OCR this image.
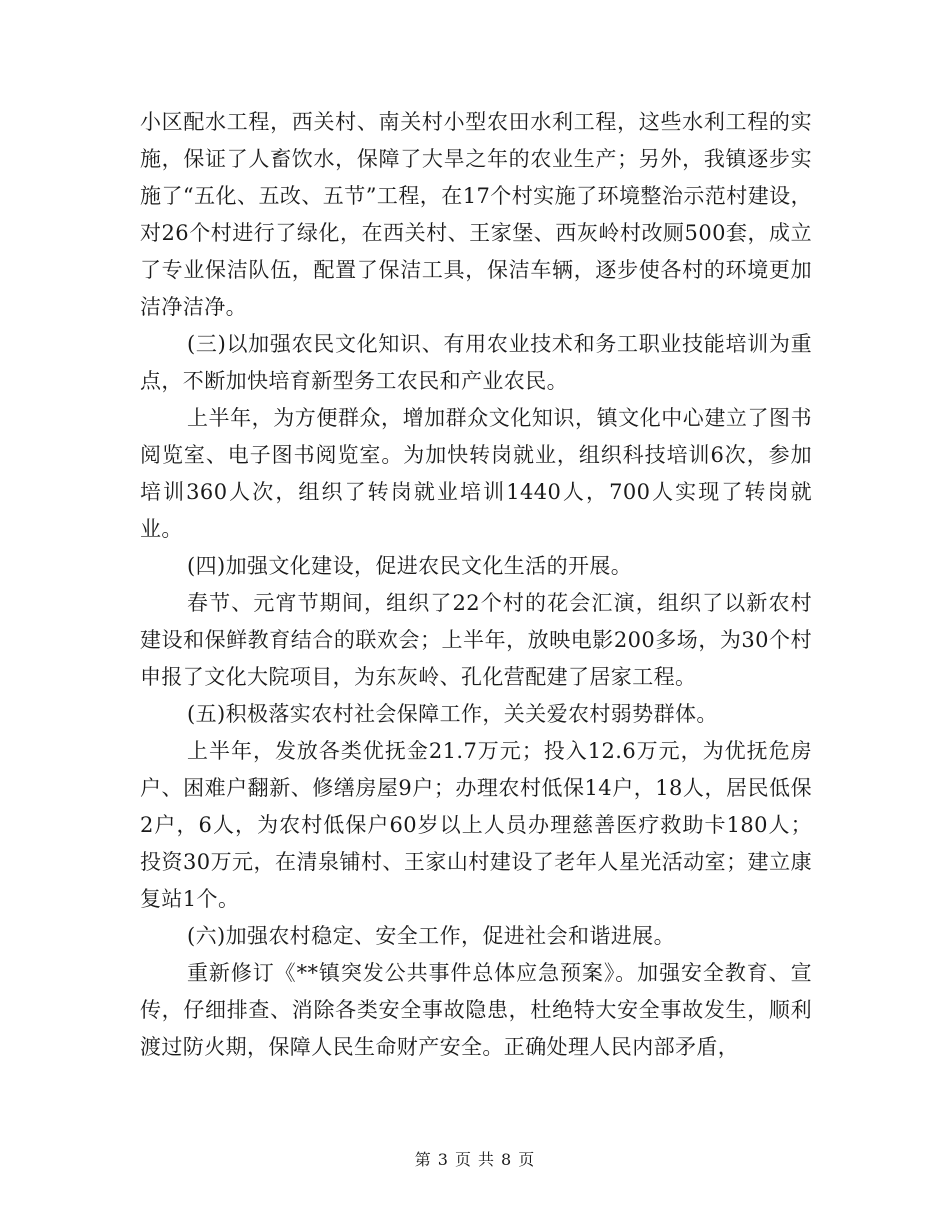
小区配水工程，西关村、南关村小型农田水利工程，这些水利工程的实施，保证了人畜饮水，保障了大旱之年的农业生产；另外，我镇逐步实施了“五化、五改、五节”工程，在17个村实施了环境整治示范村建设，对26个村进行了绿化，在西关村、王家堡、西灰岭村改厕500套，成立了专业保洁队伍，配置了保洁工具，保洁车辆，逐步使各村的环境更加洁净洁净。

(三)以加强农民文化知识、有用农业技术和务工职业技能培训为重点，不断加快培育新型务工农民和产业农民。

上半年，为方便群众，增加群众文化知识，镇文化中心建立了图书阅览室、电子图书阅览室。为加快转岗就业，组织科技培训6次，参加培训360人次，组织了转岗就业培训1440人，700人实现了转岗就业。

(四)加强文化建设，促进农民文化生活的开展。

春节、元宵节期间，组织了22个村的花会汇演，组织了以新农村建设和保鲜教育结合的联欢会；上半年，放映电影200多场，为30个村申报了文化大院项目，为东灰岭、孔化营配建了居家工程。

(五)积极落实农村社会保障工作，关关爱农村弱势群体。

上半年，发放各类优抚金21.7万元；投入12.6万元，为优抚危房户、困难户翻新、修缮房屋9户；办理农村低保14户，18人，居民低保2户，6人，为农村低保户60岁以上人员办理慈善医疗救助卡180人；投资30万元，在清泉铺村、王家山村建设了老年人星光活动室；建立康复站1个。

(六)加强农村稳定、安全工作，促进社会和谐进展。

重新修订《**镇突发公共事件总体应急预案》。加强安全教育、宣传，仔细排查、消除各类安全事故隐患，杜绝特大安全事故发生，顺利渡过防火期，保障人民生命财产安全。正确处理人民内部矛盾，

第 3 页 共 8 页
